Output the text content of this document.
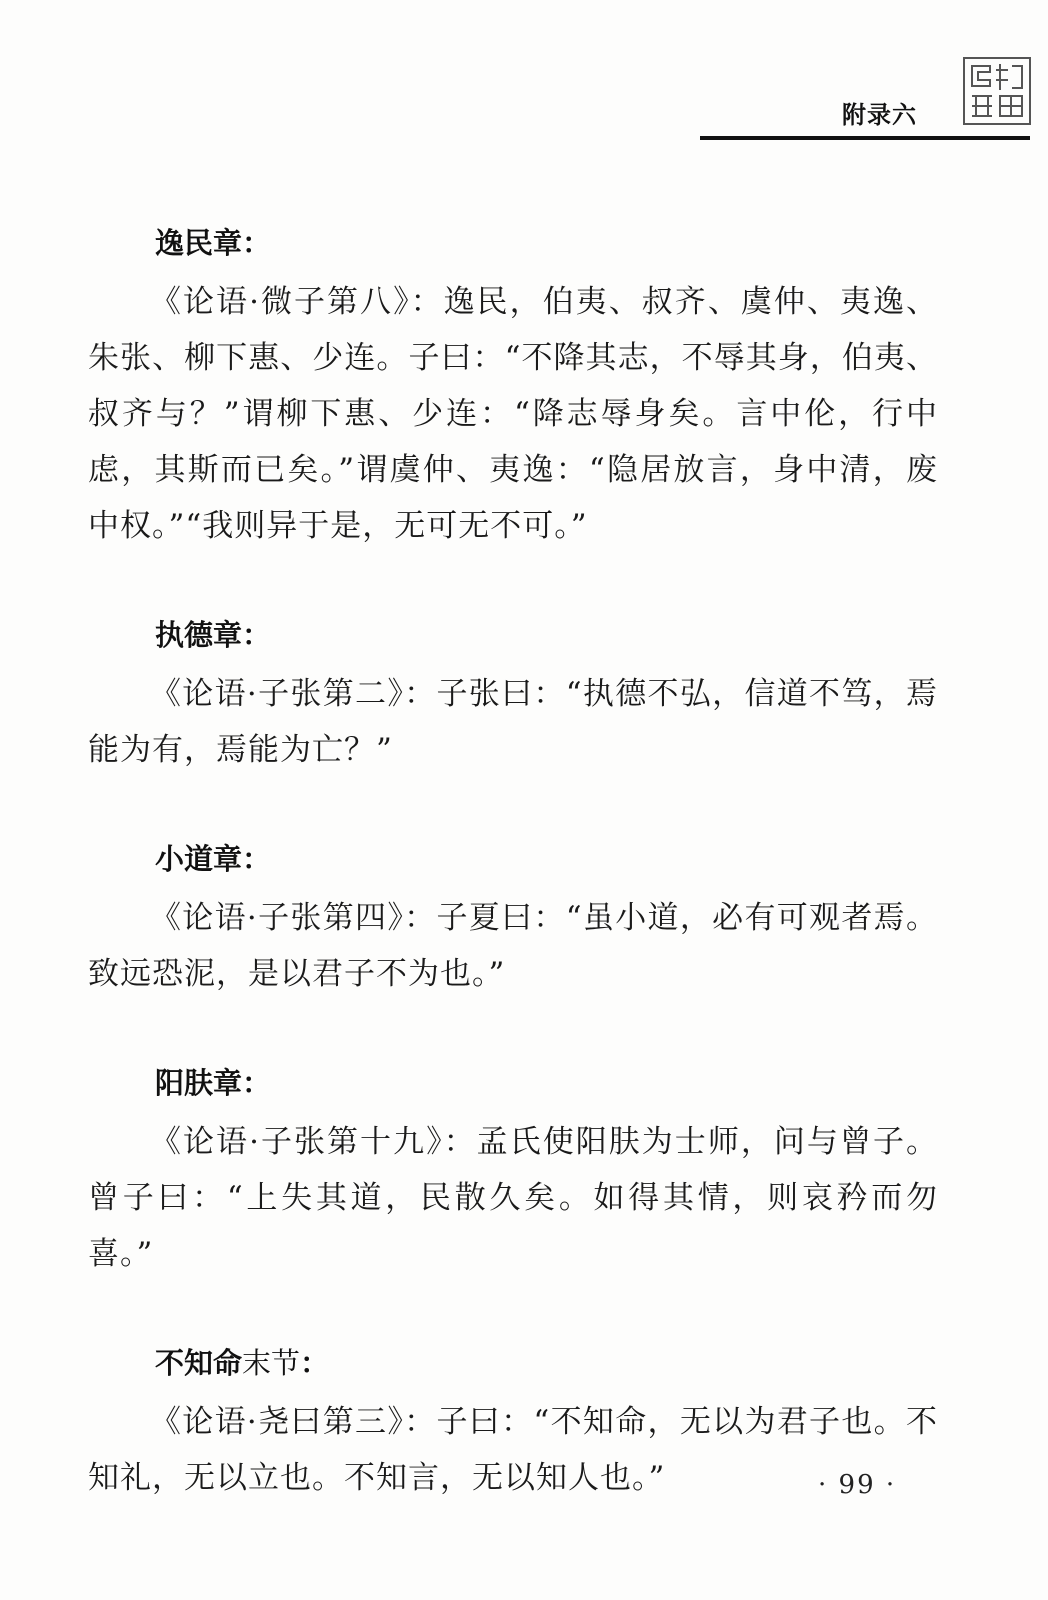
附录六

逸民章：

《论语·微子第八》：逸民，伯夷、叔齐、虞仲、夷逸、朱张、柳下惠、少连。子曰：“不降其志，不辱其身，伯夷、叔齐与？”谓柳下惠、少连：“降志辱身矣。言中伦，行中虑，其斯而已矣。”谓虞仲、夷逸：“隐居放言，身中清，废中权。”“我则异于是，无可无不可。”

执德章：

《论语·子张第二》：子张曰：“执德不弘，信道不笃，焉能为有，焉能为亡？”

小道章：

《论语·子张第四》：子夏曰：“虽小道，必有可观者焉。致远恐泥，是以君子不为也。”

阳肤章：

《论语·子张第十九》：孟氏使阳肤为士师，问与曾子。曾子曰：“上失其道，民散久矣。如得其情，则哀矜而勿喜。”

不知命末节：

《论语·尧曰第三》：子曰：“不知命，无以为君子也。不知礼，无以立也。不知言，无以知人也。”	· 99 ·
